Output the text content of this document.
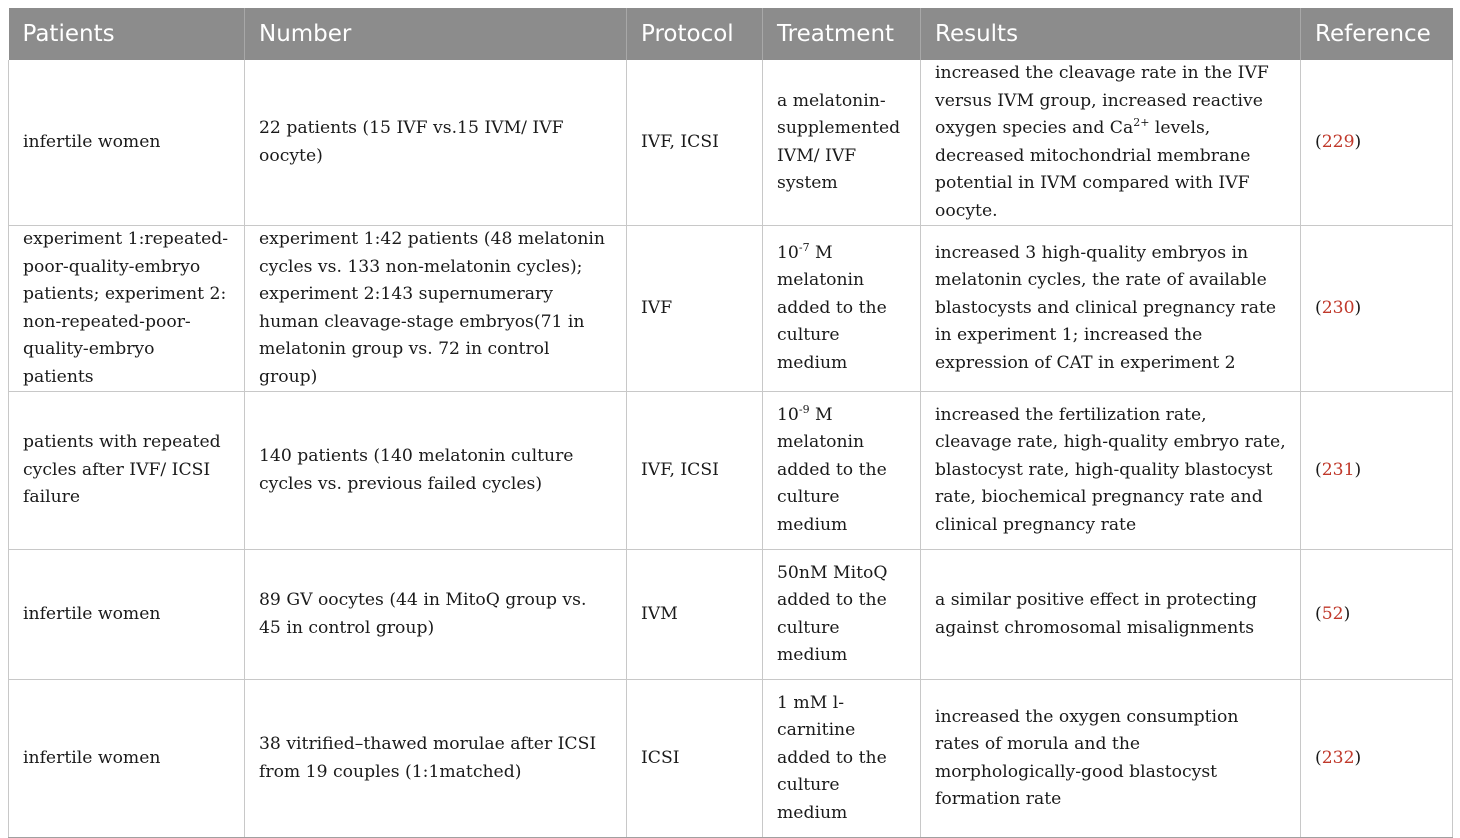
Patients	Number	Protocol	Treatment	Results	Reference
infertile women	22 patients (15 IVF vs.15 IVM/ IVF oocyte)	IVF, ICSI	a melatonin-supplemented IVM/ IVF system	increased the cleavage rate in the IVF versus IVM group, increased reactive oxygen species and $Ca^{2+}$ levels, decreased mitochondrial membrane potential in IVM compared with IVF oocyte.	(229)
experiment 1:repeated-poor-quality-embryo patients; experiment 2: non-repeated-poor-quality-embryo patients	experiment 1:42 patients (48 melatonin cycles vs. 133 non-melatonin cycles); experiment 2:143 supernumerary human cleavage-stage embryos(71 in melatonin group vs. 72 in control group)	IVF	$10^{-7}$ M melatonin added to the culture medium	increased 3 high-quality embryos in melatonin cycles, the rate of available blastocysts and clinical pregnancy rate in experiment 1; increased the expression of CAT in experiment 2	(230)
patients with repeated cycles after IVF/ ICSI failure	140 patients (140 melatonin culture cycles vs. previous failed cycles)	IVF, ICSI	$10^{-9}$ M melatonin added to the culture medium	increased the fertilization rate, cleavage rate, high-quality embryo rate, blastocyst rate, high-quality blastocyst rate, biochemical pregnancy rate and clinical pregnancy rate	(231)
infertile women	89 GV oocytes (44 in MitoQ group vs. 45 in control group)	IVM	50nM MitoQ added to the culture medium	a similar positive effect in protecting against chromosomal misalignments	(52)
infertile women	38 vitrified–thawed morulae after ICSI from 19 couples (1:1matched)	ICSI	1 mM l-carnitine added to the culture medium	increased the oxygen consumption rates of morula and the morphologically-good blastocyst formation rate	(232)
